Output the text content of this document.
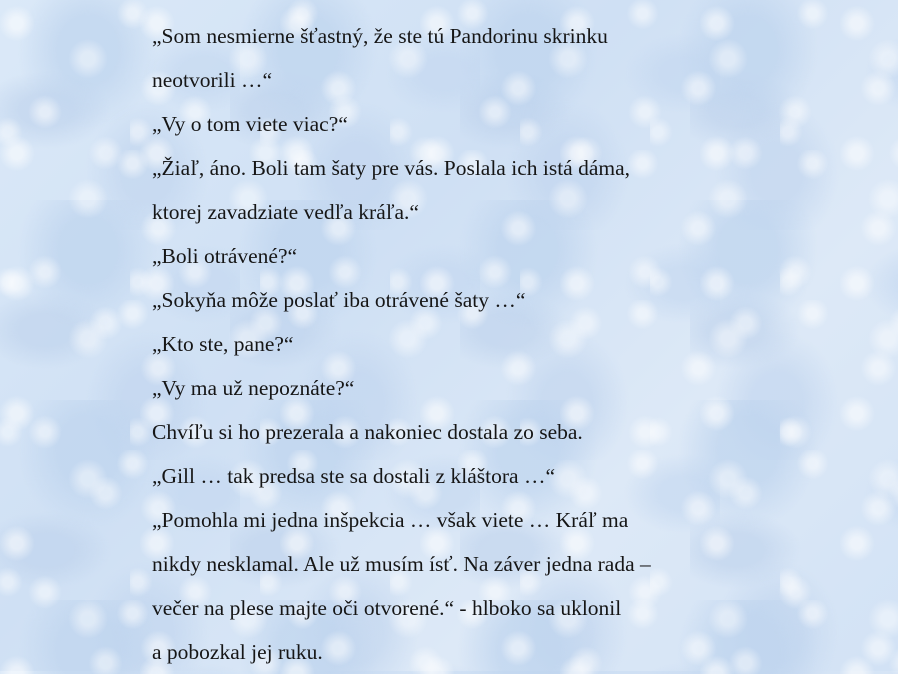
„Som nesmierne šťastný, že ste tú Pandorinu skrinku
neotvorili …“
„Vy o tom viete viac?“
„Žiaľ, áno. Boli tam šaty pre vás. Poslala ich istá dáma,
ktorej zavadziate vedľa kráľa.“
„Boli otrávené?“
„Sokyňa môže poslať iba otrávené šaty …“
„Kto ste, pane?“
„Vy ma už nepoznáte?“
Chvíľu si ho prezerala a nakoniec dostala zo seba.
„Gill … tak predsa ste sa dostali z kláštora …“
„Pomohla mi jedna inšpekcia … však viete … Kráľ ma
nikdy nesklamal. Ale už musím ísť. Na záver jedna rada –
večer na plese majte oči otvorené.“ - hlboko sa uklonil
a pobozkal jej ruku.
